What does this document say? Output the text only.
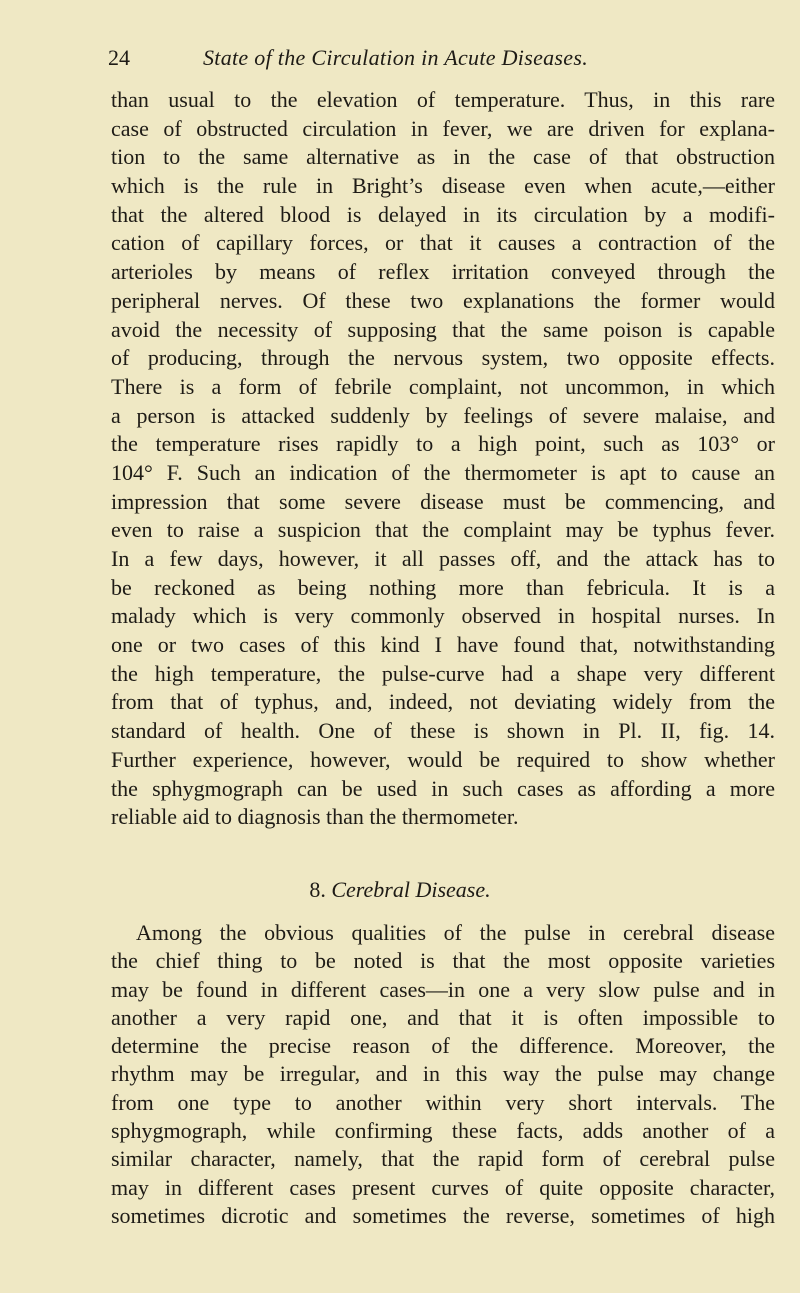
24	State of the Circulation in Acute Diseases.
than usual to the elevation of temperature. Thus, in this rare
case of obstructed circulation in fever, we are driven for explana-
tion to the same alternative as in the case of that obstruction
which is the rule in Bright’s disease even when acute,—either
that the altered blood is delayed in its circulation by a modifi-
cation of capillary forces, or that it causes a contraction of the
arterioles by means of reflex irritation conveyed through the
peripheral nerves. Of these two explanations the former would
avoid the necessity of supposing that the same poison is capable
of producing, through the nervous system, two opposite effects.
There is a form of febrile complaint, not uncommon, in which
a person is attacked suddenly by feelings of severe malaise, and
the temperature rises rapidly to a high point, such as 103° or
104° F. Such an indication of the thermometer is apt to cause an
impression that some severe disease must be commencing, and
even to raise a suspicion that the complaint may be typhus fever.
In a few days, however, it all passes off, and the attack has to
be reckoned as being nothing more than febricula. It is a
malady which is very commonly observed in hospital nurses. In
one or two cases of this kind I have found that, notwithstanding
the high temperature, the pulse-curve had a shape very different
from that of typhus, and, indeed, not deviating widely from the
standard of health. One of these is shown in Pl. II, fig. 14.
Further experience, however, would be required to show whether
the sphygmograph can be used in such cases as affording a more
reliable aid to diagnosis than the thermometer.
8. Cerebral Disease.
Among the obvious qualities of the pulse in cerebral disease
the chief thing to be noted is that the most opposite varieties
may be found in different cases—in one a very slow pulse and in
another a very rapid one, and that it is often impossible to
determine the precise reason of the difference. Moreover, the
rhythm may be irregular, and in this way the pulse may change
from one type to another within very short intervals. The
sphygmograph, while confirming these facts, adds another of a
similar character, namely, that the rapid form of cerebral pulse
may in different cases present curves of quite opposite character,
sometimes dicrotic and sometimes the reverse, sometimes of high
